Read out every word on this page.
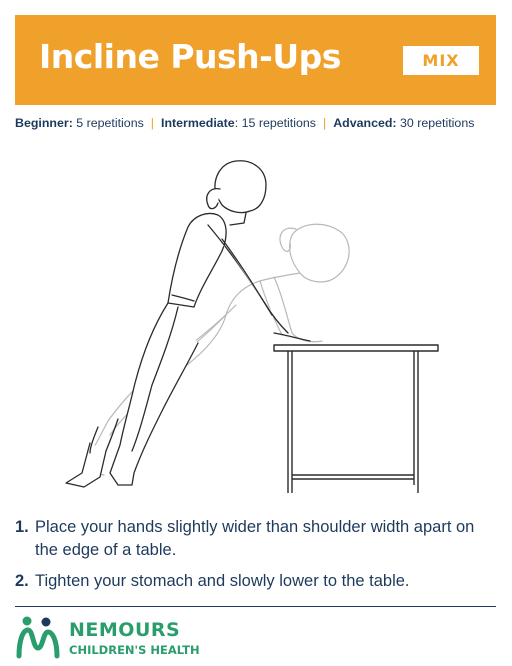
Incline Push-Ups	MIX
Beginner: 5 repetitions | Intermediate: 15 repetitions | Advanced: 30 repetitions
1. Place your hands slightly wider than shoulder width apart on the edge of a table.
2. Tighten your stomach and slowly lower to the table.
NEMOURS
CHILDREN'S HEALTH
